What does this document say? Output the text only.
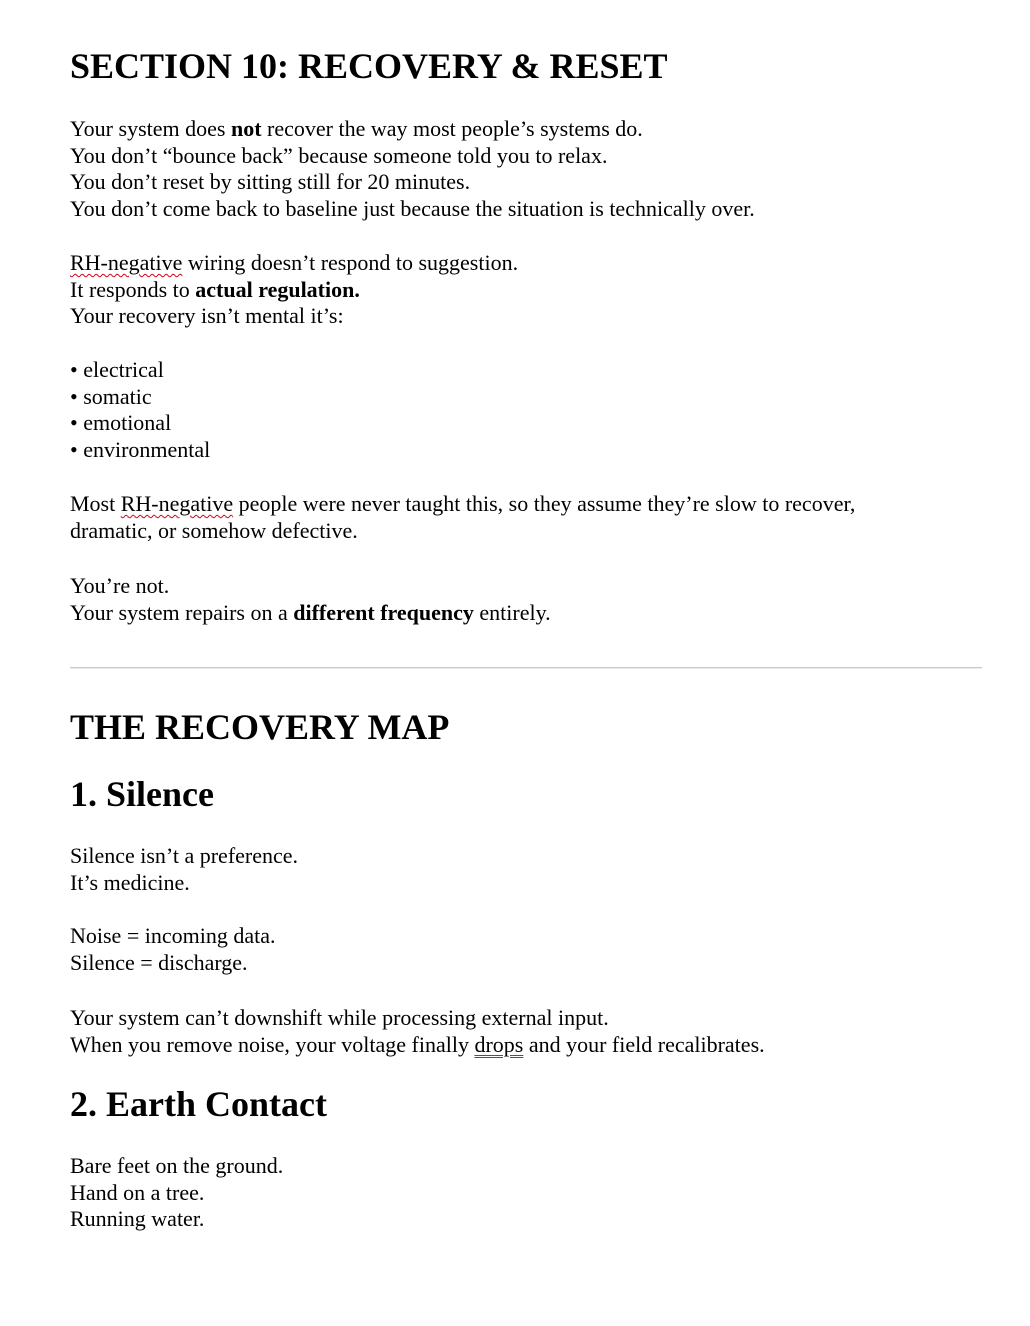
SECTION 10: RECOVERY & RESET
Your system does not recover the way most people’s systems do.
You don’t “bounce back” because someone told you to relax.
You don’t reset by sitting still for 20 minutes.
You don’t come back to baseline just because the situation is technically over.
RH-negative wiring doesn’t respond to suggestion.
It responds to actual regulation.
Your recovery isn’t mental it’s:
• electrical
• somatic
• emotional
• environmental
Most RH-negative people were never taught this, so they assume they’re slow to recover,
dramatic, or somehow defective.
You’re not.
Your system repairs on a different frequency entirely.
THE RECOVERY MAP
1. Silence
Silence isn’t a preference.
It’s medicine.
Noise = incoming data.
Silence = discharge.
Your system can’t downshift while processing external input.
When you remove noise, your voltage finally drops and your field recalibrates.
2. Earth Contact
Bare feet on the ground.
Hand on a tree.
Running water.
